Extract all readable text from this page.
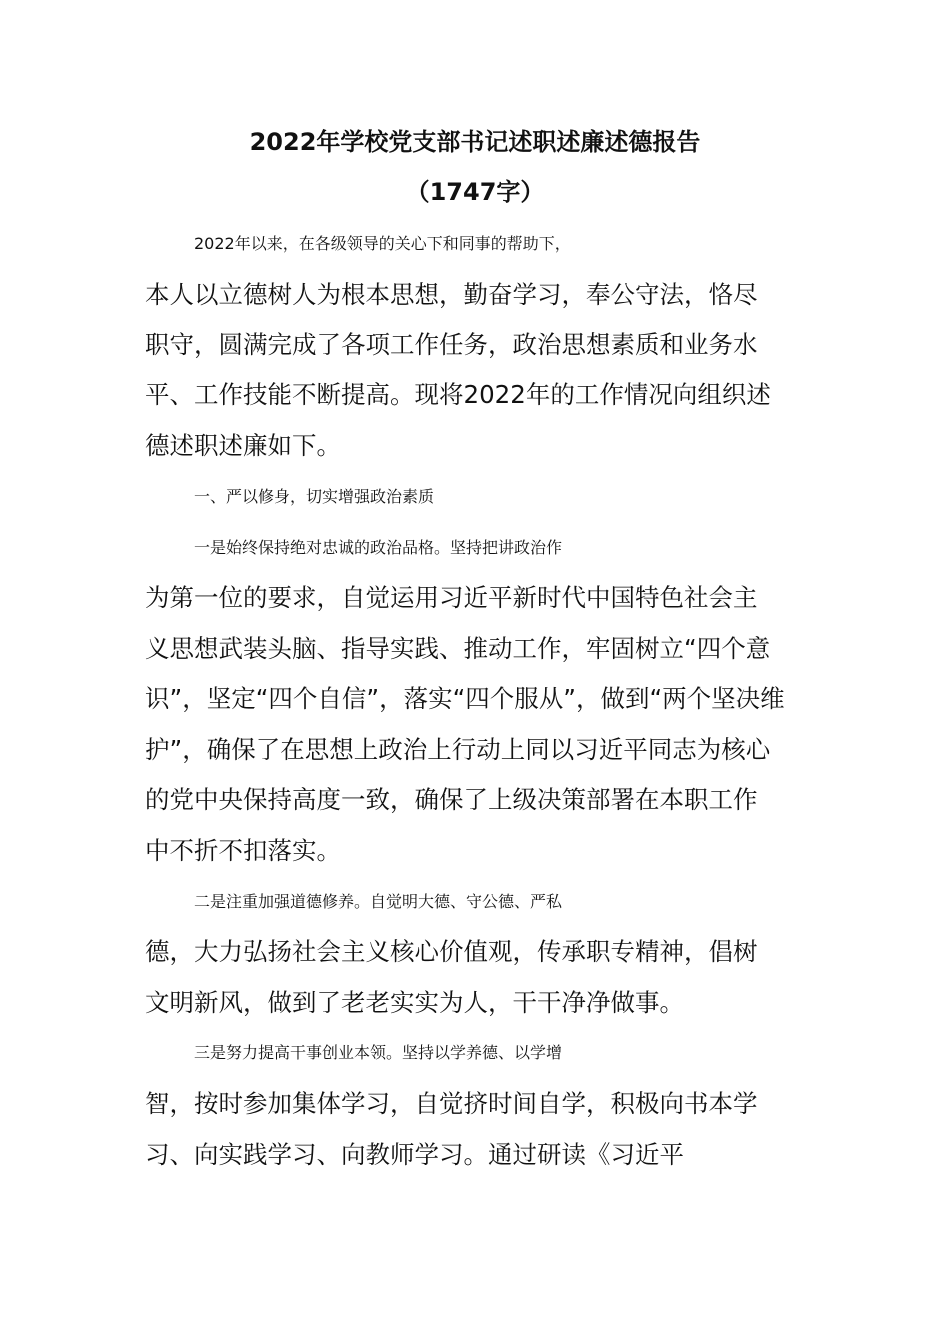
2022年学校党支部书记述职述廉述德报告
（1747字）
2022年以来，在各级领导的关心下和同事的帮助下，
本人以立德树人为根本思想，勤奋学习，奉公守法，恪尽
职守，圆满完成了各项工作任务，政治思想素质和业务水
平、工作技能不断提高。现将2022年的工作情况向组织述
德述职述廉如下。
一、严以修身，切实增强政治素质
一是始终保持绝对忠诚的政治品格。坚持把讲政治作
为第一位的要求，自觉运用习近平新时代中国特色社会主
义思想武装头脑、指导实践、推动工作，牢固树立“四个意
识”，坚定“四个自信”，落实“四个服从”，做到“两个坚决维
护”，确保了在思想上政治上行动上同以习近平同志为核心
的党中央保持高度一致，确保了上级决策部署在本职工作
中不折不扣落实。
二是注重加强道德修养。自觉明大德、守公德、严私
德，大力弘扬社会主义核心价值观，传承职专精神，倡树
文明新风，做到了老老实实为人，干干净净做事。
三是努力提高干事创业本领。坚持以学养德、以学增
智，按时参加集体学习，自觉挤时间自学，积极向书本学
习、向实践学习、向教师学习。通过研读《习近平
